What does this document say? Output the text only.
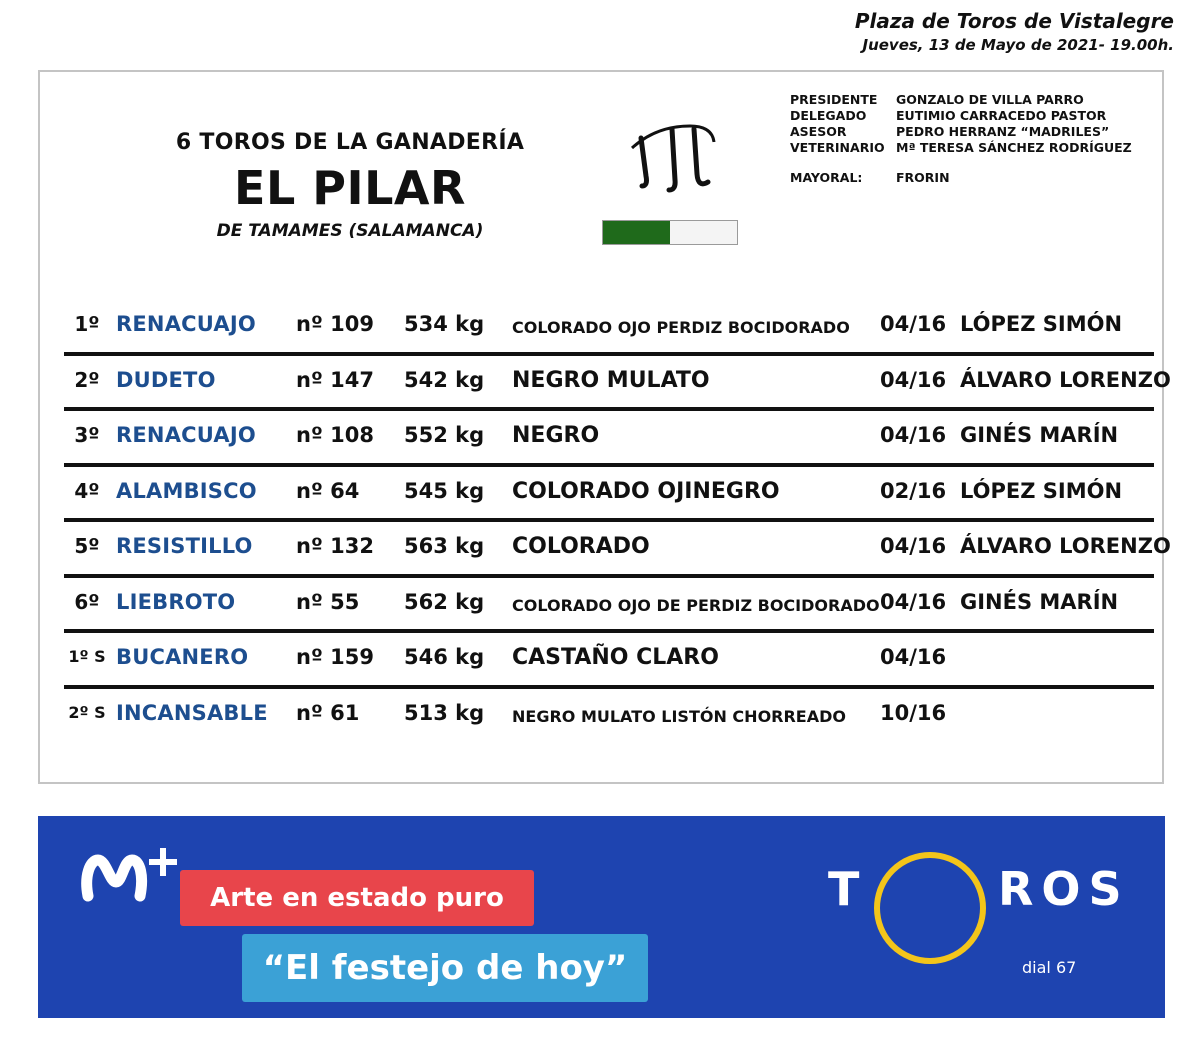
Plaza de Toros de Vistalegre
Jueves, 13 de Mayo de 2021- 19.00h.
6 TOROS DE LA GANADERÍA
EL PILAR
DE TAMAMES (SALAMANCA)
PRESIDENTE	GONZALO DE VILLA PARRO
DELEGADO	EUTIMIO CARRACEDO PASTOR
ASESOR	PEDRO HERRANZ “MADRILES”
VETERINARIO Mª TERESA SÁNCHEZ RODRÍGUEZ
MAYORAL:	FRORIN
1º RENACUAJO nº 109 534 kg COLORADO OJO PERDIZ BOCIDORADO 04/16 LÓPEZ SIMÓN
2º DUDETO	nº 147 542 kg NEGRO MULATO	04/16 ÁLVARO LORENZO
3º RENACUAJO nº 108 552 kg NEGRO	04/16 GINÉS MARÍN
4º ALAMBISCO nº 64 545 kg COLORADO OJINEGRO	02/16 LÓPEZ SIMÓN
5º RESISTILLO nº 132 563 kg COLORADO	04/16 ÁLVARO LORENZO
6º LIEBROTO	nº 55 562 kg COLORADO OJO DE PERDIZ BOCIDORADO 04/16 GINÉS MARÍN
1º S BUCANERO nº 159 546 kg CASTAÑO CLARO	04/16
2º S INCANSABLE nº 61 513 kg NEGRO MULATO LISTÓN CHORREADO 10/16
Arte en estado puro
“El festejo de hoy”
T	ROS
dial 67
